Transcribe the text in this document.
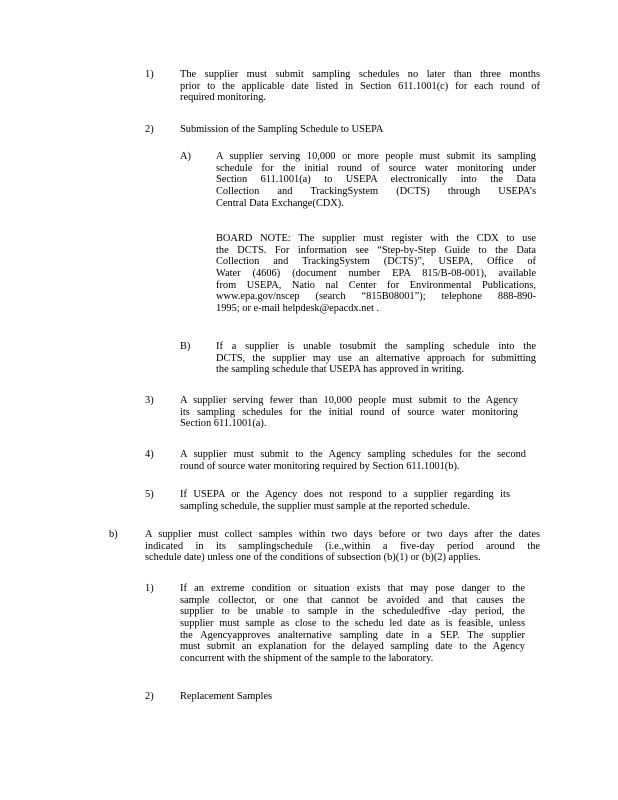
1)	The supplier must submit sampling schedules no later than three months
prior to the applicable date listed in Section 611.1001(c) for each round of
required monitoring.
2)	Submission of the Sampling Schedule to USEPA
A)	A supplier serving 10,000 or more people must submit its sampling
schedule for the initial round of source water monitoring under
Section 611.1001(a) to USEPA electronically into the Data
Collection and TrackingSystem (DCTS) through USEPA’s
Central Data Exchange(CDX).
BOARD NOTE: The supplier must register with the CDX to use
the DCTS. For information see “Step-by-Step Guide to the Data
Collection and TrackingSystem (DCTS)”, USEPA, Office of
Water (4606) (document number EPA 815/B-08-001), available
from USEPA, Natio nal Center for Environmental Publications,
www.epa.gov/nscep (search “815B08001”); telephone 888-890-
1995; or e-mail helpdesk@epacdx.net .
B)	If a supplier is unable tosubmit the sampling schedule into the
DCTS, the supplier may use an alternative approach for submitting
the sampling schedule that USEPA has approved in writing.
3)	A supplier serving fewer than 10,000 people must submit to the Agency
its sampling schedules for the initial round of source water monitoring
Section 611.1001(a).
4)	A supplier must submit to the Agency sampling schedules for the second
round of source water monitoring required by Section 611.1001(b).
5)	If USEPA or the Agency does not respond to a supplier regarding its
sampling schedule, the supplier must sample at the reported schedule.
b)	A supplier must collect samples within two days before or two days after the dates
indicated in its samplingschedule (i.e.,within a five-day period around the
schedule date) unless one of the conditions of subsection (b)(1) or (b)(2) applies.
1)	If an extreme condition or situation exists that may pose danger to the
sample collector, or one that cannot be avoided and that causes the
supplier to be unable to sample in the scheduledfive -day period, the
supplier must sample as close to the schedu led date as is feasible, unless
the Agencyapproves analternative sampling date in a SEP. The supplier
must submit an explanation for the delayed sampling date to the Agency
concurrent with the shipment of the sample to the laboratory.
2)	Replacement Samples
